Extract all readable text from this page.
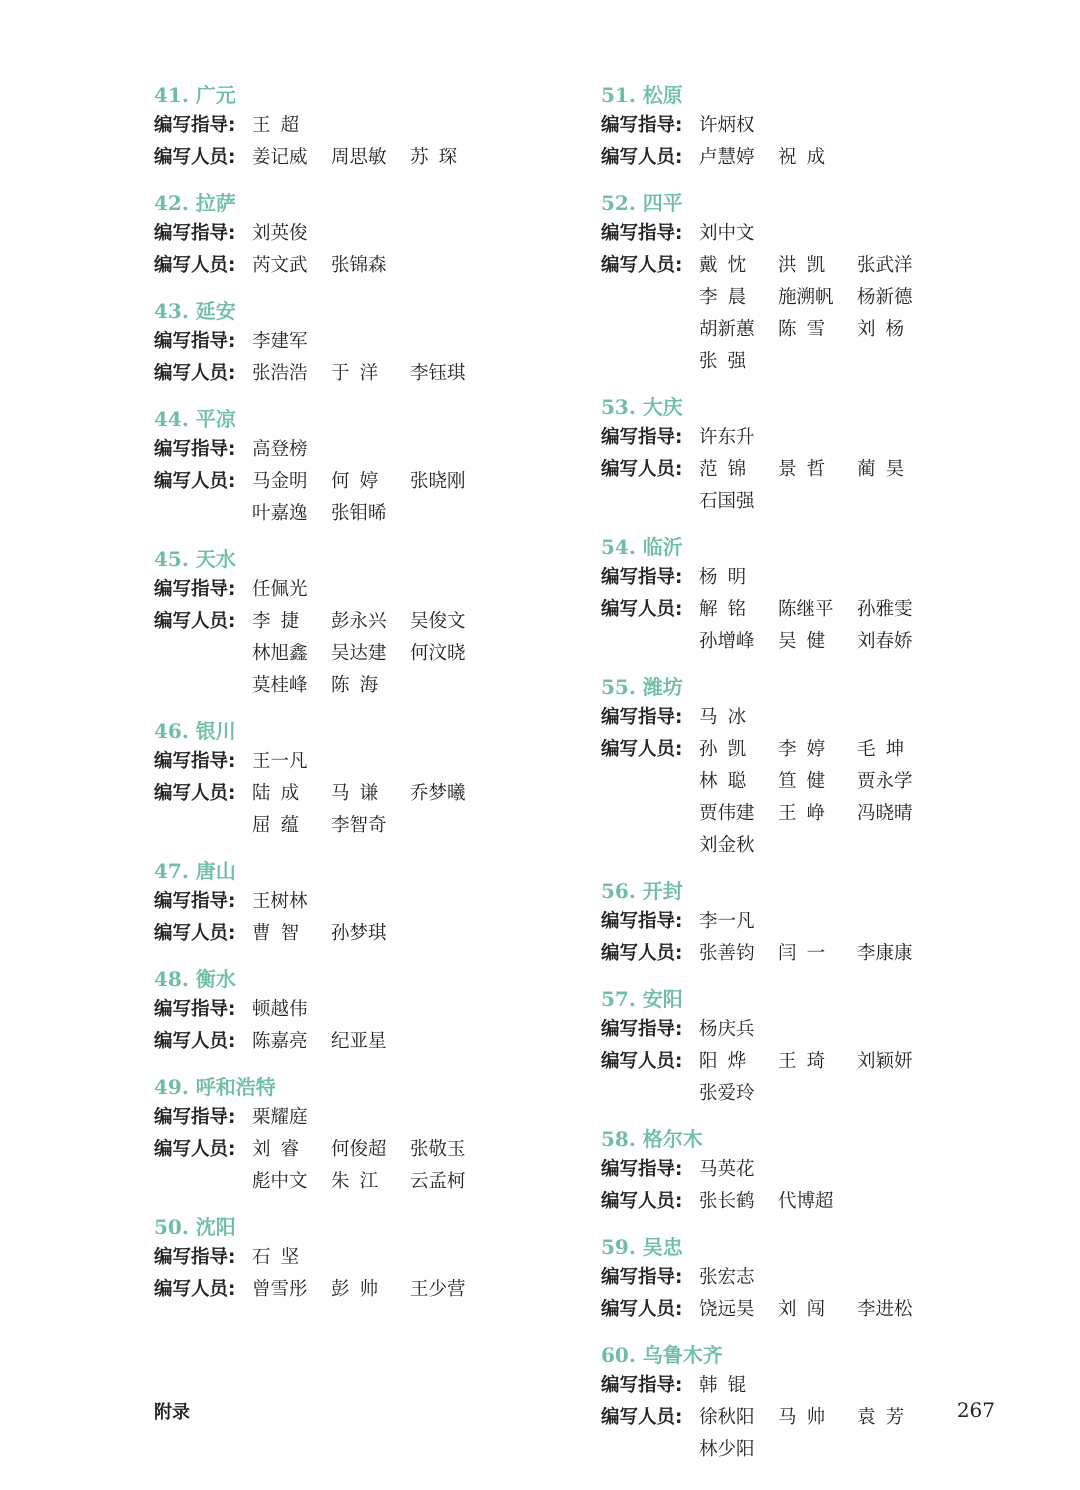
41. 广元
编写指导: 王超
编写人员: 姜记威	周思敏	苏琛
42. 拉萨
编写指导: 刘英俊
编写人员: 芮文武	张锦森
43. 延安
编写指导: 李建军
编写人员: 张浩浩	于洋	李钰琪
44. 平凉
编写指导: 高登榜
编写人员: 马金明	何婷	张晓刚
叶嘉逸	张钼晞
45. 天水
编写指导: 任佩光
编写人员: 李捷	彭永兴	吴俊文
林旭鑫	吴达建	何汶晓
莫桂峰	陈海
46. 银川
编写指导: 王一凡
编写人员: 陆成	马谦	乔梦曦
屈蕴	李智奇
47. 唐山
编写指导: 王树林
编写人员: 曹智	孙梦琪
48. 衡水
编写指导: 顿越伟
编写人员: 陈嘉亮	纪亚星
49. 呼和浩特
编写指导: 栗耀庭
编写人员: 刘睿	何俊超	张敬玉
彪中文	朱江	云孟柯
50. 沈阳
编写指导: 石坚
编写人员: 曾雪彤	彭帅	王少营
51. 松原
编写指导: 许炳权
编写人员: 卢慧婷	祝成
52. 四平
编写指导: 刘中文
编写人员: 戴忱	洪凯	张武洋
李晨	施溯帆	杨新德
胡新蕙	陈雪	刘杨
张强
53. 大庆
编写指导: 许东升
编写人员: 范锦	景哲	蔺昊
石国强
54. 临沂
编写指导: 杨明
编写人员: 解铭	陈继平	孙雅雯
孙增峰	吴健	刘春娇
55. 潍坊
编写指导: 马冰
编写人员: 孙凯	李婷	毛坤
林聪	笪健	贾永学
贾伟建	王峥	冯晓晴
刘金秋
56. 开封
编写指导: 李一凡
编写人员: 张善钧	闫一	李康康
57. 安阳
编写指导: 杨庆兵
编写人员: 阳烨	王琦	刘颖妍
张爱玲
58. 格尔木
编写指导: 马英花
编写人员: 张长鹤	代博超
59. 吴忠
编写指导: 张宏志
编写人员: 饶远昊	刘闯	李进松
60. 乌鲁木齐
编写指导: 韩锟
编写人员: 徐秋阳	马帅	袁芳
林少阳
附录	267
